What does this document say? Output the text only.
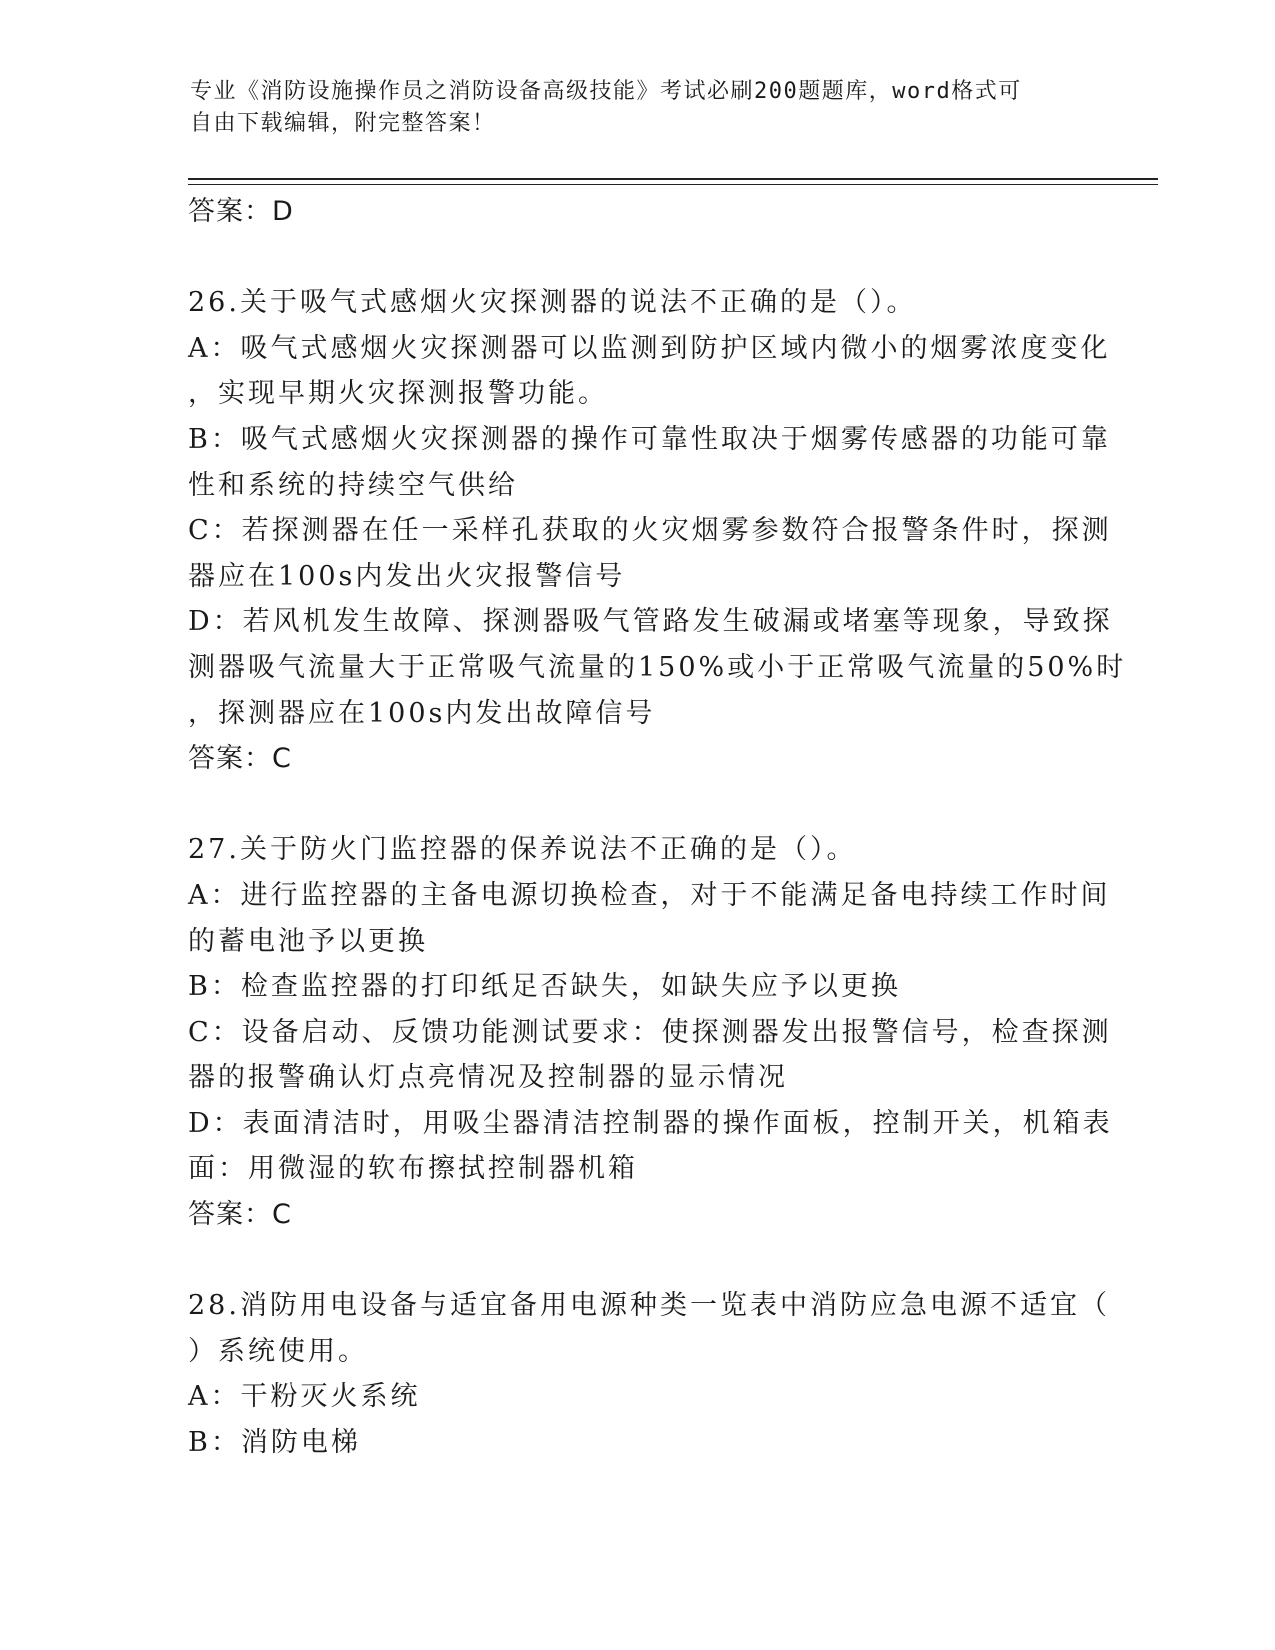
专业《消防设施操作员之消防设备高级技能》考试必刷200题题库，word格式可
自由下载编辑，附完整答案！
答案：D
26.关于吸气式感烟火灾探测器的说法不正确的是（）。
A：吸气式感烟火灾探测器可以监测到防护区域内微小的烟雾浓度变化
，实现早期火灾探测报警功能。
B：吸气式感烟火灾探测器的操作可靠性取决于烟雾传感器的功能可靠
性和系统的持续空气供给
C：若探测器在任一采样孔获取的火灾烟雾参数符合报警条件时，探测
器应在100s内发出火灾报警信号
D：若风机发生故障、探测器吸气管路发生破漏或堵塞等现象，导致探
测器吸气流量大于正常吸气流量的150%或小于正常吸气流量的50%时
，探测器应在100s内发出故障信号
答案：C
27.关于防火门监控器的保养说法不正确的是（）。
A：进行监控器的主备电源切换检查，对于不能满足备电持续工作时间
的蓄电池予以更换
B：检查监控器的打印纸足否缺失，如缺失应予以更换
C：设备启动、反馈功能测试要求：使探测器发出报警信号，检查探测
器的报警确认灯点亮情况及控制器的显示情况
D：表面清洁时，用吸尘器清洁控制器的操作面板，控制开关，机箱表
面：用微湿的软布擦拭控制器机箱
答案：C
28.消防用电设备与适宜备用电源种类一览表中消防应急电源不适宜（
）系统使用。
A：干粉灭火系统
B：消防电梯
